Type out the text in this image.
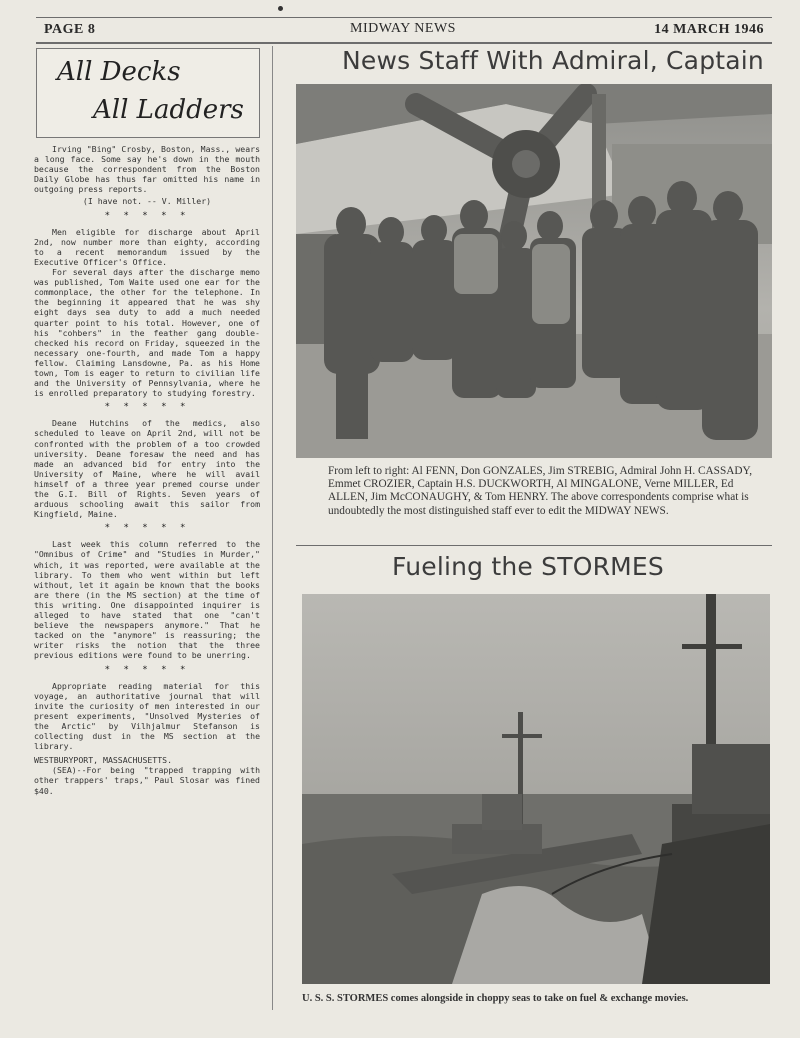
PAGE 8	MIDWAY NEWS	14 MARCH 1946
All Decks
All Ladders

Irving "Bing" Crosby, Boston, Mass., wears a long face. Some say he's down in the mouth because the correspondent from the Boston Daily Globe has thus far omitted his name in outgoing press reports.

(I have not. -- V. Miller)

* * * * *

Men eligible for discharge about April 2nd, now number more than eighty, according to a recent memorandum issued by the Executive Officer's Office.

For several days after the discharge memo was published, Tom Waite used one ear for the commonplace, the other for the telephone. In the beginning it appeared that he was shy eight days sea duty to add a much needed quarter point to his total. However, one of his "cohbers" in the feather gang double-checked his record on Friday, squeezed in the necessary one-fourth, and made Tom a happy fellow. Claiming Lansdowne, Pa. as his Home town, Tom is eager to return to civilian life and the University of Pennsylvania, where he is enrolled preparatory to studying forestry.

* * * * *

Deane Hutchins of the medics, also scheduled to leave on April 2nd, will not be confronted with the problem of a too crowded university. Deane foresaw the need and has made an advanced bid for entry into the University of Maine, where he will avail himself of a three year premed course under the G.I. Bill of Rights. Seven years of arduous schooling await this sailor from Kingfield, Maine.

* * * * *

Last week this column referred to the "Omnibus of Crime" and "Studies in Murder," which, it was reported, were available at the library. To them who went within but left without, let it again be known that the books are there (in the MS section) at the time of this writing. One disappointed inquirer is alleged to have stated that one "can't believe the newspapers anymore." That he tacked on the "anymore" is reassuring; the writer risks the notion that the three previous editions were found to be unerring.

* * * * *

Appropriate reading material for this voyage, an authoritative journal that will invite the curiosity of men interested in our present experiments, "Unsolved Mysteries of the Arctic" by Vilhjalmur Stefanson is collecting dust in the MS section at the library.

WESTBURYPORT, MASSACHUSETTS.

(SEA)--For being "trapped trapping with other trappers' traps," Paul Slosar was fined $40.

News Staff With Admiral, Captain
From left to right: Al FENN, Don GONZALES, Jim STREBIG, Admiral John H. CASSADY, Emmet CROZIER, Captain H.S. DUCKWORTH, Al MINGALONE, Verne MILLER, Ed ALLEN, Jim McCONAUGHY, & Tom HENRY. The above correspondents comprise what is undoubtedly the most distinguished staff ever to edit the MIDWAY NEWS.
Fueling the STORMES
U. S. S. STORMES comes alongside in choppy seas to take on fuel & exchange movies.
